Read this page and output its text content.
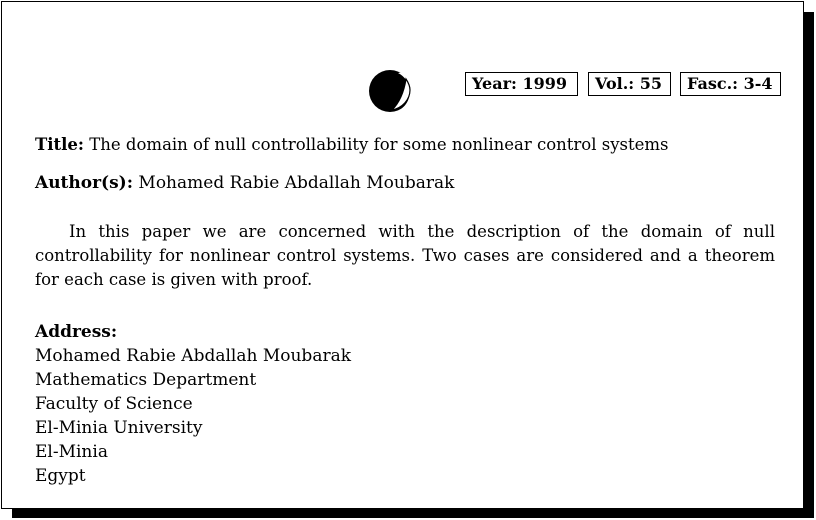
Year: 1999	Vol.: 55	Fasc.: 3-4
Title: The domain of null controllability for some nonlinear control systems
Author(s): Mohamed Rabie Abdallah Moubarak

In this paper we are concerned with the description of the domain of null controllability for nonlinear control systems. Two cases are considered and a theorem for each case is given with proof.

Address:
Mohamed Rabie Abdallah Moubarak
Mathematics Department
Faculty of Science
El-Minia University
El-Minia
Egypt
